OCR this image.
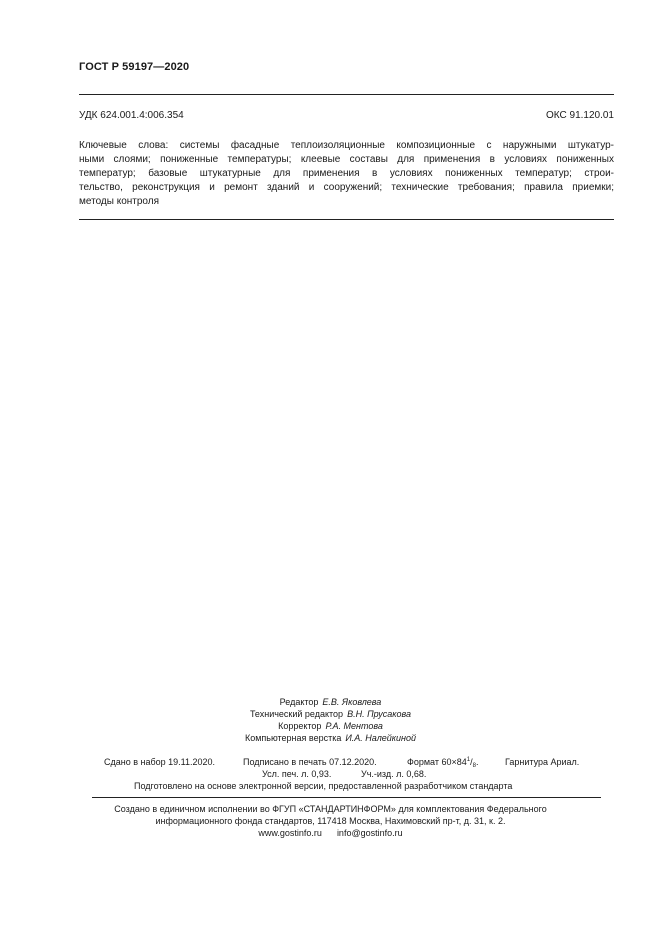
ГОСТ Р 59197—2020
УДК 624.001.4:006.354	ОКС 91.120.01
Ключевые слова: системы фасадные теплоизоляционные композиционные с наружными штукатур-
ными слоями; пониженные температуры; клеевые составы для применения в условиях пониженных
температур; базовые штукатурные для применения в условиях пониженных температур; строи-
тельство, реконструкция и ремонт зданий и сооружений; технические требования; правила приемки;
методы контроля
Редактор Е.В. Яковлева
Технический редактор В.Н. Прусакова
Корректор Р.А. Ментова
Компьютерная верстка И.А. Налейкиной
Сдано в набор 19.11.2020.	Подписано в печать 07.12.2020.	Формат $60\times 84^1/_8$.	Гарнитура Ариал.
Усл. печ. л. 0,93.	Уч.-изд. л. 0,68.
Подготовлено на основе электронной версии, предоставленной разработчиком стандарта
Создано в единичном исполнении во ФГУП «СТАНДАРТИНФОРМ» для комплектования Федерального
информационного фонда стандартов, 117418 Москва, Нахимовский пр-т, д. 31, к. 2.
www.gostinfo.ru info@gostinfo.ru
